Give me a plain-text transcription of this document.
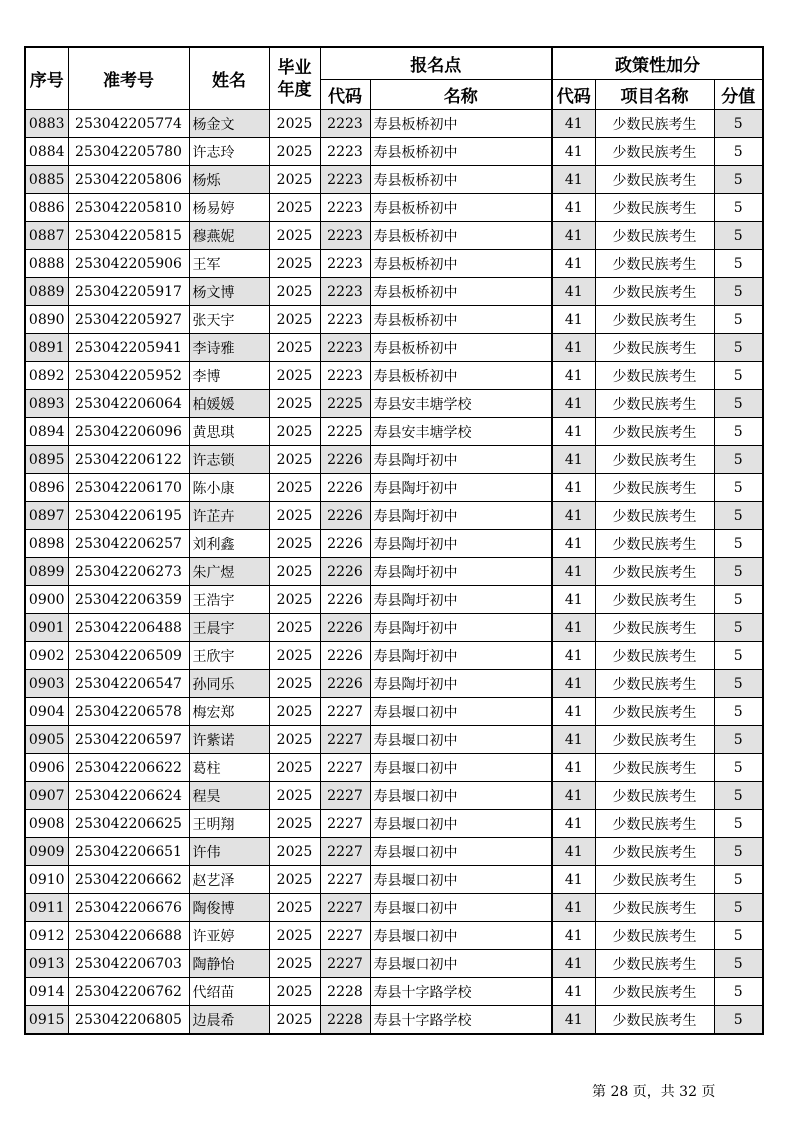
序号	准考号	姓名	毕业
年度	报名点		政策性加分		
				代码	名称	代码	项目名称	分值
0883	253042205774	杨金文	2025	2223	寿县板桥初中	41	少数民族考生	5
0884	253042205780	许志玲	2025	2223	寿县板桥初中	41	少数民族考生	5
0885	253042205806	杨烁	2025	2223	寿县板桥初中	41	少数民族考生	5
0886	253042205810	杨易婷	2025	2223	寿县板桥初中	41	少数民族考生	5
0887	253042205815	穆燕妮	2025	2223	寿县板桥初中	41	少数民族考生	5
0888	253042205906	王军	2025	2223	寿县板桥初中	41	少数民族考生	5
0889	253042205917	杨文博	2025	2223	寿县板桥初中	41	少数民族考生	5
0890	253042205927	张天宇	2025	2223	寿县板桥初中	41	少数民族考生	5
0891	253042205941	李诗雅	2025	2223	寿县板桥初中	41	少数民族考生	5
0892	253042205952	李博	2025	2223	寿县板桥初中	41	少数民族考生	5
0893	253042206064	柏媛媛	2025	2225	寿县安丰塘学校	41	少数民族考生	5
0894	253042206096	黄思琪	2025	2225	寿县安丰塘学校	41	少数民族考生	5
0895	253042206122	许志锁	2025	2226	寿县陶圩初中	41	少数民族考生	5
0896	253042206170	陈小康	2025	2226	寿县陶圩初中	41	少数民族考生	5
0897	253042206195	许芷卉	2025	2226	寿县陶圩初中	41	少数民族考生	5
0898	253042206257	刘利鑫	2025	2226	寿县陶圩初中	41	少数民族考生	5
0899	253042206273	朱广煜	2025	2226	寿县陶圩初中	41	少数民族考生	5
0900	253042206359	王浩宇	2025	2226	寿县陶圩初中	41	少数民族考生	5
0901	253042206488	王晨宇	2025	2226	寿县陶圩初中	41	少数民族考生	5
0902	253042206509	王欣宇	2025	2226	寿县陶圩初中	41	少数民族考生	5
0903	253042206547	孙同乐	2025	2226	寿县陶圩初中	41	少数民族考生	5
0904	253042206578	梅宏郑	2025	2227	寿县堰口初中	41	少数民族考生	5
0905	253042206597	许紫诺	2025	2227	寿县堰口初中	41	少数民族考生	5
0906	253042206622	葛柱	2025	2227	寿县堰口初中	41	少数民族考生	5
0907	253042206624	程昊	2025	2227	寿县堰口初中	41	少数民族考生	5
0908	253042206625	王明翔	2025	2227	寿县堰口初中	41	少数民族考生	5
0909	253042206651	许伟	2025	2227	寿县堰口初中	41	少数民族考生	5
0910	253042206662	赵艺泽	2025	2227	寿县堰口初中	41	少数民族考生	5
0911	253042206676	陶俊博	2025	2227	寿县堰口初中	41	少数民族考生	5
0912	253042206688	许亚婷	2025	2227	寿县堰口初中	41	少数民族考生	5
0913	253042206703	陶静怡	2025	2227	寿县堰口初中	41	少数民族考生	5
0914	253042206762	代绍苗	2025	2228	寿县十字路学校	41	少数民族考生	5
0915	253042206805	边晨希	2025	2228	寿县十字路学校	41	少数民族考生	5
第 28 页，共 32 页
